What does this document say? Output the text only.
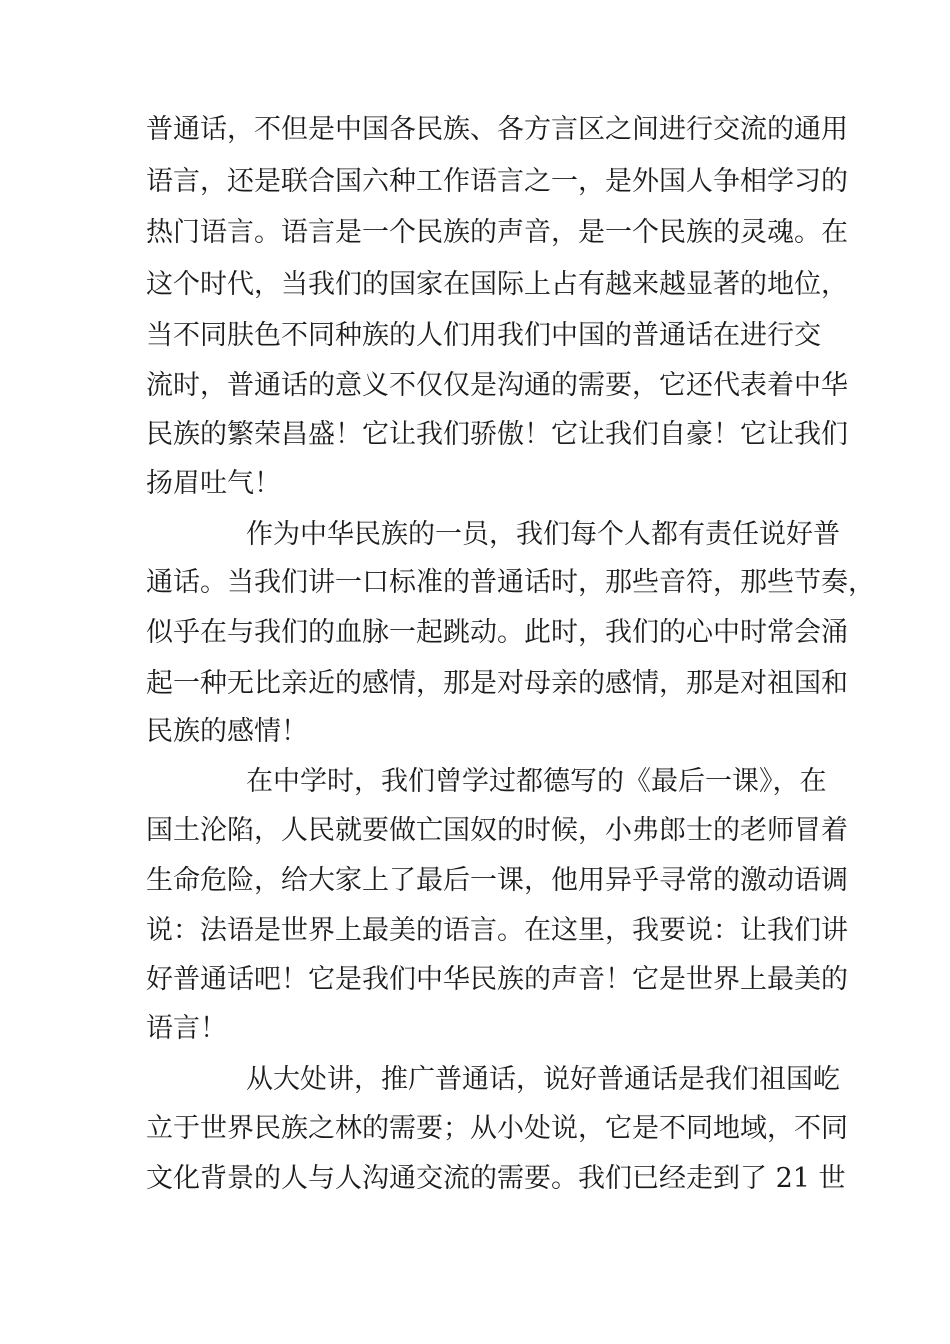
普通话，不但是中国各民族、各方言区之间进行交流的通用
语言，还是联合国六种工作语言之一，是外国人争相学习的
热门语言。语言是一个民族的声音，是一个民族的灵魂。在
这个时代，当我们的国家在国际上占有越来越显著的地位，
当不同肤色不同种族的人们用我们中国的普通话在进行交
流时，普通话的意义不仅仅是沟通的需要，它还代表着中华
民族的繁荣昌盛！它让我们骄傲！它让我们自豪！它让我们
扬眉吐气！
作为中华民族的一员，我们每个人都有责任说好普
通话。当我们讲一口标准的普通话时，那些音符，那些节奏，
似乎在与我们的血脉一起跳动。此时，我们的心中时常会涌
起一种无比亲近的感情，那是对母亲的感情，那是对祖国和
民族的感情！
在中学时，我们曾学过都德写的《最后一课》，在
国土沦陷，人民就要做亡国奴的时候，小弗郎士的老师冒着
生命危险，给大家上了最后一课，他用异乎寻常的激动语调
说：法语是世界上最美的语言。在这里，我要说：让我们讲
好普通话吧！它是我们中华民族的声音！它是世界上最美的
语言！
从大处讲，推广普通话，说好普通话是我们祖国屹
立于世界民族之林的需要；从小处说，它是不同地域，不同
文化背景的人与人沟通交流的需要。我们已经走到了 21 世
